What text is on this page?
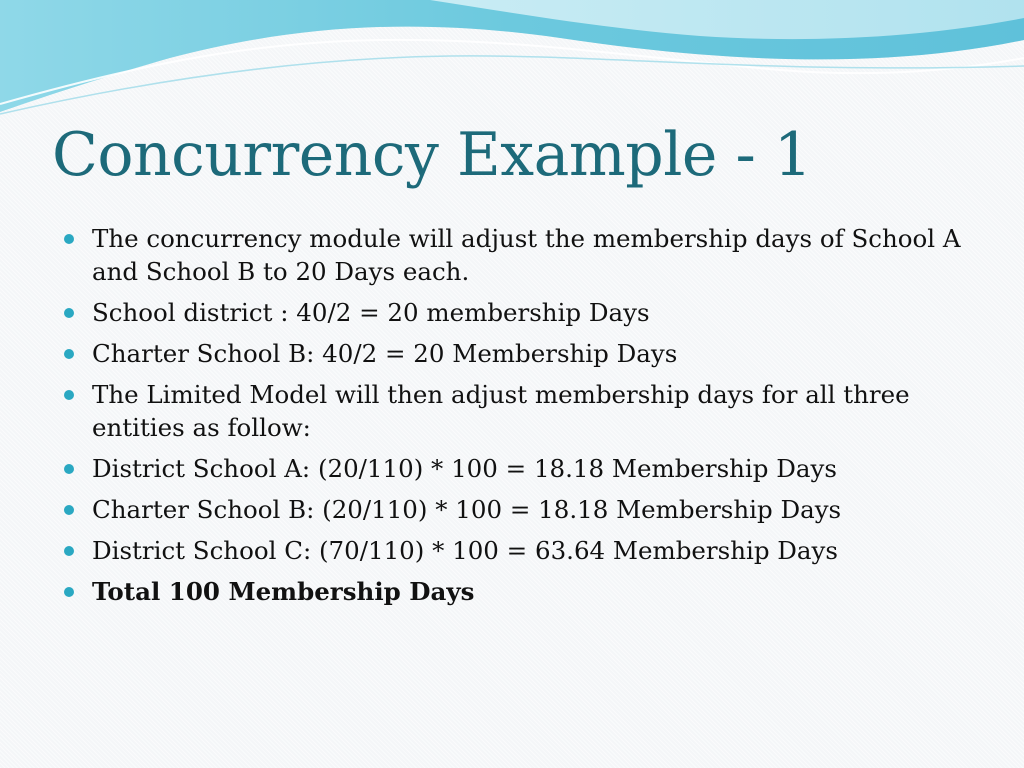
Concurrency Example - 1
The concurrency module will adjust the membership days of School A and School B to 20 Days each.
School district : 40/2 = 20 membership Days
Charter School B: 40/2 = 20 Membership Days
The Limited Model will then adjust membership days for all three entities as follow:
District School A: (20/110) * 100 = 18.18 Membership Days
Charter School B: (20/110) * 100 = 18.18 Membership Days
District School C: (70/110) * 100 = 63.64 Membership Days
Total 100 Membership Days
